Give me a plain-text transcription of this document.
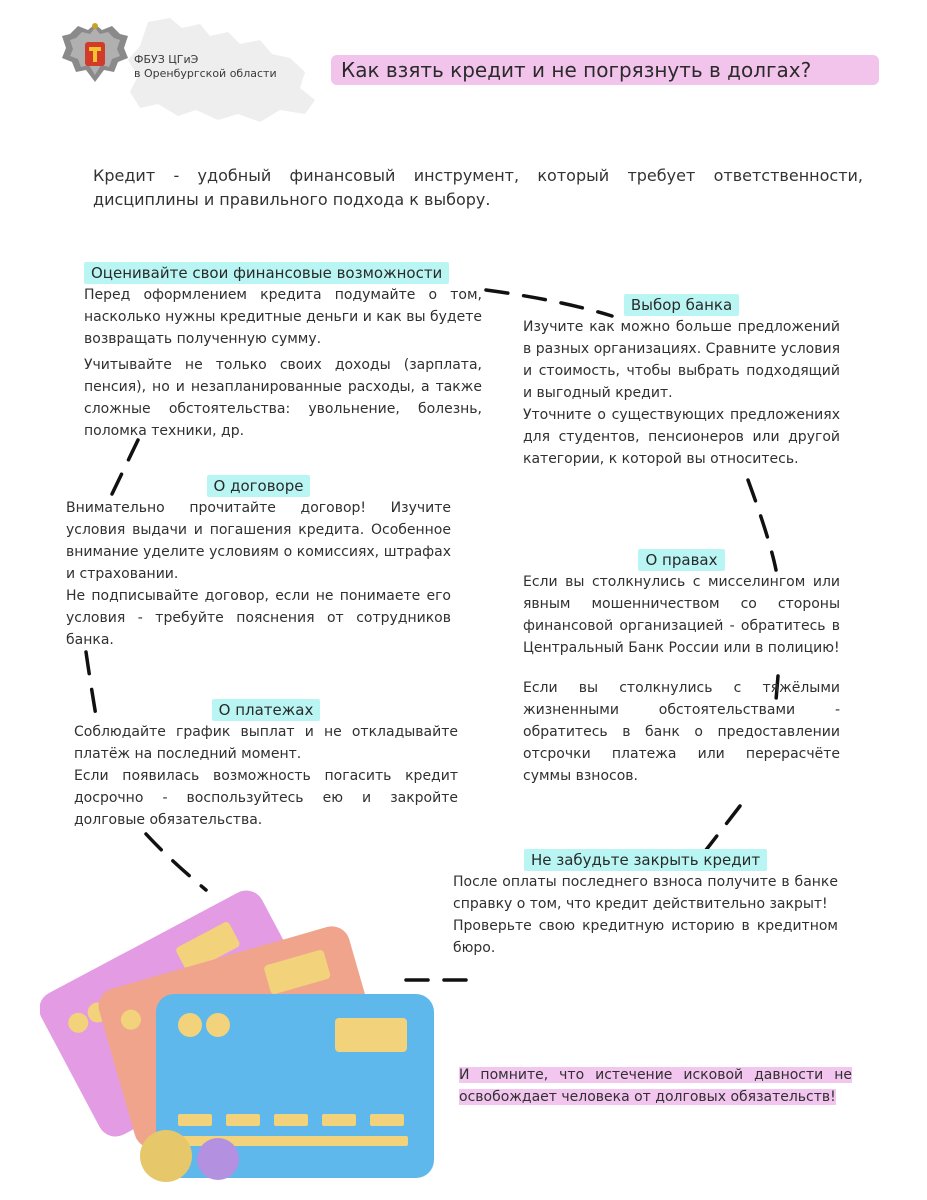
ФБУЗ ЦГиЭ
в Оренбургской области	Как взять кредит и не погрязнуть в долгах?
Кредит - удобный финансовый инструмент, который требует ответственности, дисциплины и правильного подхода к выбору.
Оценивайте свои финансовые возможности

Перед оформлением кредита подумайте о том, насколько нужны кредитные деньги и как вы будете возвращать полученную сумму.

Учитывайте не только своих доходы (зарплата, пенсия), но и незапланированные расходы, а также сложные обстоятельства: увольнение, болезнь, поломка техники, др.

Выбор банка

Изучите как можно больше предложений в разных организациях. Сравните условия и стоимость, чтобы выбрать подходящий и выгодный кредит.

Уточните о существующих предложениях для студентов, пенсионеров или другой категории, к которой вы относитесь.

О договоре

Внимательно прочитайте договор! Изучите условия выдачи и погашения кредита. Особенное внимание уделите условиям о комиссиях, штрафах и страховании.

Не подписывайте договор, если не понимаете его условия - требуйте пояснения от сотрудников банка.

О правах

Если вы столкнулись с мисселингом или явным мошенничеством со стороны финансовой организацией - обратитесь в Центральный Банк России или в полицию!

Если вы столкнулись с тяжёлыми жизненными обстоятельствами - обратитесь в банк о предоставлении отсрочки платежа или перерасчёте суммы взносов.

О платежах

Соблюдайте график выплат и не откладывайте платёж на последний момент.

Если появилась возможность погасить кредит досрочно - воспользуйтесь ею и закройте долговые обязательства.

Не забудьте закрыть кредит

После оплаты последнего взноса получите в банке справку о том, что кредит действительно закрыт!

Проверьте свою кредитную историю в кредитном бюро.

И помните, что истечение исковой давности не освобождает человека от долговых обязательств!
